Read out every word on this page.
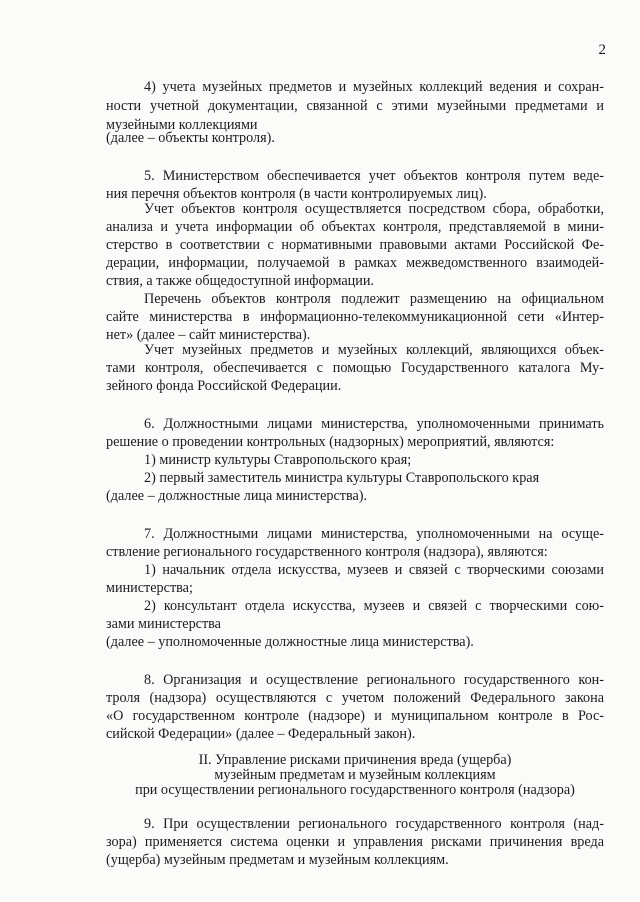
2
4) учета музейных предметов и музейных коллекций ведения и сохран-
ности учетной документации, связанной с этими музейными предметами и
музейными коллекциями
(далее – объекты контроля).
5. Министерством обеспечивается учет объектов контроля путем веде-
ния перечня объектов контроля (в части контролируемых лиц).
Учет объектов контроля осуществляется посредством сбора, обработки,
анализа и учета информации об объектах контроля, представляемой в мини-
стерство в соответствии с нормативными правовыми актами Российской Фе-
дерации, информации, получаемой в рамках межведомственного взаимодей-
ствия, а также общедоступной информации.
Перечень объектов контроля подлежит размещению на официальном
сайте министерства в информационно-телекоммуникационной сети «Интер-
нет» (далее – сайт министерства).
Учет музейных предметов и музейных коллекций, являющихся объек-
тами контроля, обеспечивается с помощью Государственного каталога Му-
зейного фонда Российской Федерации.
6. Должностными лицами министерства, уполномоченными принимать
решение о проведении контрольных (надзорных) мероприятий, являются:
1) министр культуры Ставропольского края;
2) первый заместитель министра культуры Ставропольского края
(далее – должностные лица министерства).
7. Должностными лицами министерства, уполномоченными на осуще-
ствление регионального государственного контроля (надзора), являются:
1) начальник отдела искусства, музеев и связей с творческими союзами
министерства;
2) консультант отдела искусства, музеев и связей с творческими сою-
зами министерства
(далее – уполномоченные должностные лица министерства).
8. Организация и осуществление регионального государственного кон-
троля (надзора) осуществляются с учетом положений Федерального закона
«О государственном контроле (надзоре) и муниципальном контроле в Рос-
сийской Федерации» (далее – Федеральный закон).
II. Управление рисками причинения вреда (ущерба)
музейным предметам и музейным коллекциям
при осуществлении регионального государственного контроля (надзора)
9. При осуществлении регионального государственного контроля (над-
зора) применяется система оценки и управления рисками причинения вреда
(ущерба) музейным предметам и музейным коллекциям.
